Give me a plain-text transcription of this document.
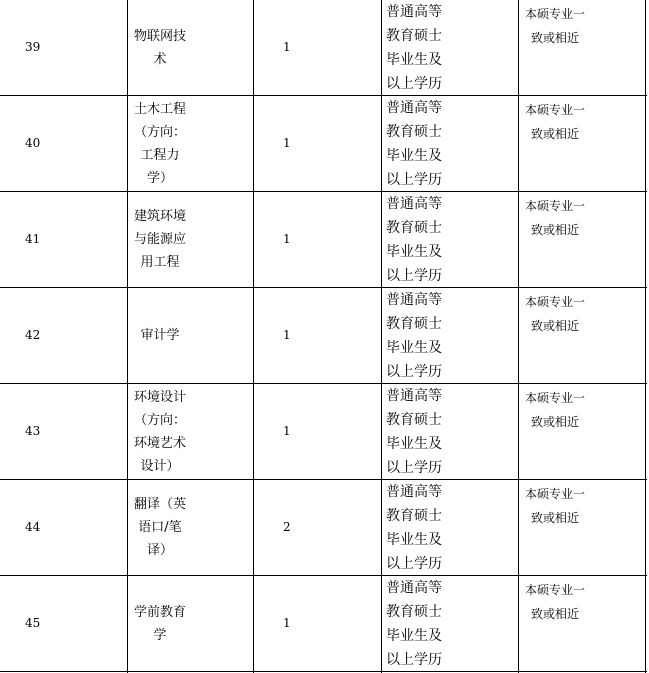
39
物联网技
术
1
普通高等
教育硕士
毕业生及
以上学历
本硕专业一
致或相近
40
土木工程
（方向：
工程力
学）
1
普通高等
教育硕士
毕业生及
以上学历
本硕专业一
致或相近
41
建筑环境
与能源应
用工程
1
普通高等
教育硕士
毕业生及
以上学历
本硕专业一
致或相近
42	审计学	1
普通高等
教育硕士
毕业生及
以上学历
本硕专业一
致或相近
43
环境设计
（方向：
环境艺术
设计）
1
普通高等
教育硕士
毕业生及
以上学历
本硕专业一
致或相近
44
翻译（英
语口/笔
译）
2
普通高等
教育硕士
毕业生及
以上学历
本硕专业一
致或相近
45
学前教育
学
1
普通高等
教育硕士
毕业生及
以上学历
本硕专业一
致或相近
